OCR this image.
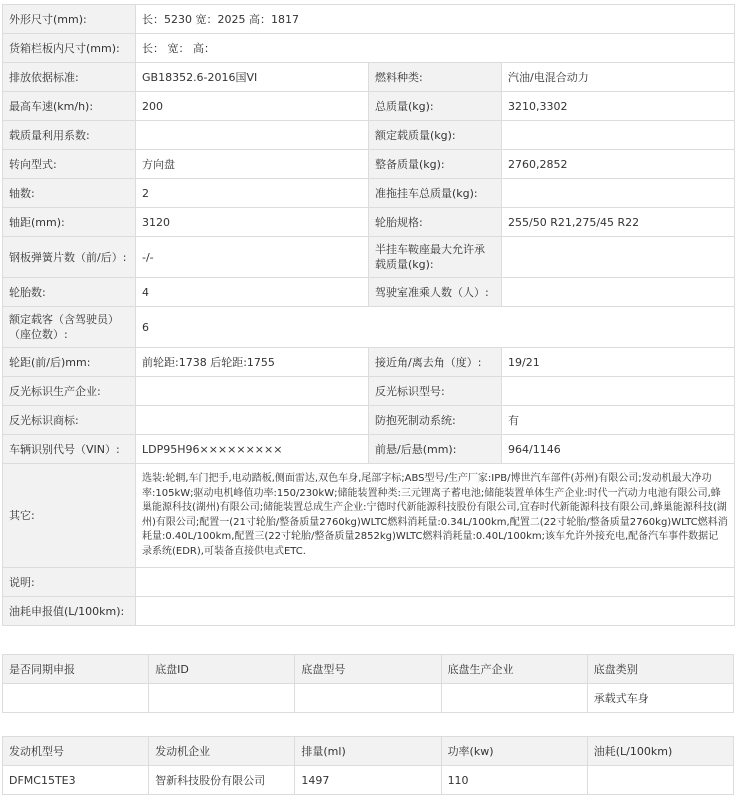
外形尺寸(mm):	长：5230 宽：2025 高：1817		
货箱栏板内尺寸(mm):	长： 宽： 高：		
排放依据标准:	GB18352.6-2016国VI	燃料种类:	汽油/电混合动力
最高车速(km/h):	200	总质量(kg):	3210,3302
载质量利用系数:		额定载质量(kg):	
转向型式:	方向盘	整备质量(kg):	2760,2852
轴数:	2	准拖挂车总质量(kg):	
轴距(mm):	3120	轮胎规格:	255/50 R21,275/45 R22
钢板弹簧片数（前/后）:	-/-	半挂车鞍座最大允许承载质量(kg):	
轮胎数:	4	驾驶室准乘人数（人）:	
额定载客（含驾驶员）（座位数）:	6		
轮距(前/后)mm:	前轮距:1738 后轮距:1755	接近角/离去角（度）:	19/21
反光标识生产企业:		反光标识型号:	
反光标识商标:		防抱死制动系统:	有
车辆识别代号（VIN）:	LDP95H96×××××××××	前悬/后悬(mm):	964/1146
其它:	选装:轮辋,车门把手,电动踏板,侧面雷达,双色车身,尾部字标;ABS型号/生产厂家:IPB/博世汽车部件(苏州)有限公司;发动机最大净功率:105kW;驱动电机峰值功率:150/230kW;储能装置种类:三元锂离子蓄电池;储能装置单体生产企业:时代一汽动力电池有限公司,蜂巢能源科技(湖州)有限公司;储能装置总成生产企业:宁德时代新能源科技股份有限公司,宜春时代新能源科技有限公司,蜂巢能源科技(湖州)有限公司;配置一(21寸轮胎/整备质量2760kg)WLTC燃料消耗量:0.34L/100km,配置二(22寸轮胎/整备质量2760kg)WLTC燃料消耗量:0.40L/100km,配置三(22寸轮胎/整备质量2852kg)WLTC燃料消耗量:0.40L/100km;该车允许外接充电,配备汽车事件数据记录系统(EDR),可装备直接供电式ETC.		
说明:			
油耗申报值(L/100km):			
是否同期申报	底盘ID	底盘型号	底盘生产企业	底盘类别
				承载式车身
发动机型号	发动机企业	排量(ml)	功率(kw)	油耗(L/100km)
DFMC15TE3	智新科技股份有限公司	1497	110	
